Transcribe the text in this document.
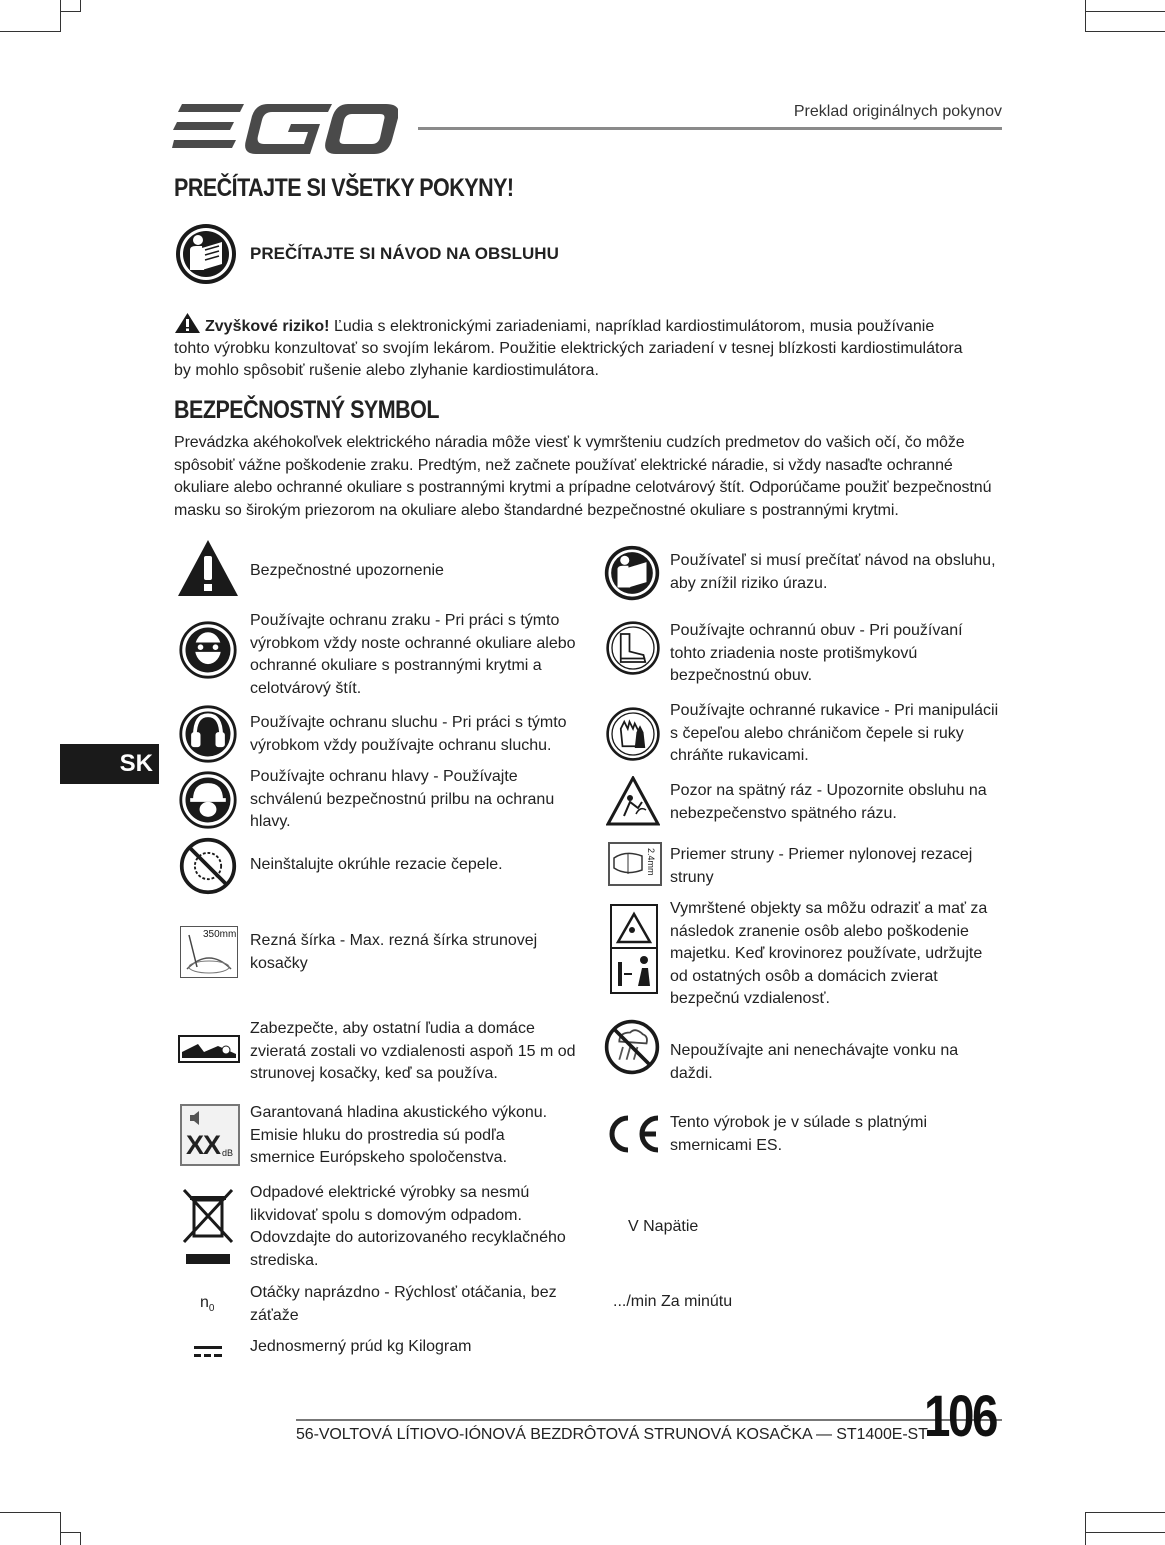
EGO
Preklad originálnych pokynov
PREČÍTAJTE SI VŠETKY POKYNY!
PREČÍTAJTE SI NÁVOD NA OBSLUHU
Zvyškové riziko! Ľudia s elektronickými zariadeniami, napríklad kardiostimulátorom, musia používanie tohto výrobku konzultovať so svojím lekárom. Použitie elektrických zariadení v tesnej blízkosti kardiostimulátora by mohlo spôsobiť rušenie alebo zlyhanie kardiostimulátora.
BEZPEČNOSTNÝ SYMBOL
Prevádzka akéhokoľvek elektrického náradia môže viesť k vymršteniu cudzích predmetov do vašich očí, čo môže spôsobiť vážne poškodenie zraku. Predtým, než začnete používať elektrické náradie, si vždy nasaďte ochranné okuliare alebo ochranné okuliare s postrannými krytmi a prípadne celotvárový štít. Odporúčame použiť bezpečnostnú masku so širokým priezorom na okuliare alebo štandardné bezpečnostné okuliare s postrannými krytmi.
SK
Bezpečnostné upozornenie
Používajte ochranu zraku - Pri práci s týmto výrobkom vždy noste ochranné okuliare alebo ochranné okuliare s postrannými krytmi a celotvárový štít.
Používajte ochranu sluchu - Pri práci s týmto výrobkom vždy používajte ochranu sluchu.
Používajte ochranu hlavy - Používajte schválenú bezpečnostnú prilbu na ochranu hlavy.
Neinštalujte okrúhle rezacie čepele.
350mm Rezná šírka - Max. rezná šírka strunovej kosačky
Zabezpečte, aby ostatní ľudia a domáce zvieratá zostali vo vzdialenosti aspoň 15 m od strunovej kosačky, keď sa používa.
XX dB
Garantovaná hladina akustického výkonu. Emisie hluku do prostredia sú podľa smernice Európskeho spoločenstva.
Odpadové elektrické výrobky sa nesmú likvidovať spolu s domovým odpadom. Odovzdajte do autorizovaného recyklačného strediska.
$n_0$
Otáčky naprázdno - Rýchlosť otáčania, bez záťaže
Jednosmerný prúd kg Kilogram
Používateľ si musí prečítať návod na obsluhu, aby znížil riziko úrazu.
Používajte ochrannú obuv - Pri používaní tohto zriadenia noste protišmykovú bezpečnostnú obuv.
Používajte ochranné rukavice - Pri manipulácii s čepeľou alebo chráničom čepele si ruky chráňte rukavicami.
Pozor na spätný ráz - Upozornite obsluhu na nebezpečenstvo spätného rázu.
2.4mm Priemer struny - Priemer nylonovej rezacej struny
Vymrštené objekty sa môžu odraziť a mať za následok zranenie osôb alebo poškodenie majetku. Keď krovinorez používate, udržujte od ostatných osôb a domácich zvierat bezpečnú vzdialenosť.
Nepoužívajte ani nenechávajte vonku na daždi.
Tento výrobok je v súlade s platnými smernicami ES.
V Napätie
.../min Za minútu
56-VOLTOVÁ LÍTIOVO-IÓNOVÁ BEZDRÔTOVÁ STRUNOVÁ KOSAČKA — ST1400E-ST
106
